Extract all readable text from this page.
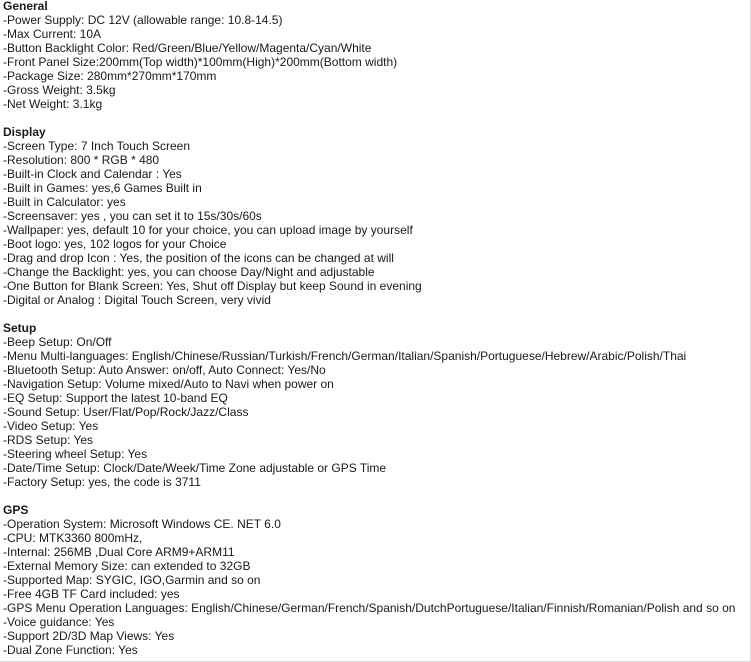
General
-Power Supply: DC 12V (allowable range: 10.8-14.5)
-Max Current: 10A
-Button Backlight Color: Red/Green/Blue/Yellow/Magenta/Cyan/White
-Front Panel Size:200mm(Top width)*100mm(High)*200mm(Bottom width)
-Package Size: 280mm*270mm*170mm
-Gross Weight: 3.5kg
-Net Weight: 3.1kg
Display
-Screen Type: 7 Inch Touch Screen
-Resolution: 800 * RGB * 480
-Built-in Clock and Calendar : Yes
-Built in Games: yes,6 Games Built in
-Built in Calculator: yes
-Screensaver: yes , you can set it to 15s/30s/60s
-Wallpaper: yes, default 10 for your choice, you can upload image by yourself
-Boot logo: yes, 102 logos for your Choice
-Drag and drop Icon : Yes, the position of the icons can be changed at will
-Change the Backlight: yes, you can choose Day/Night and adjustable
-One Button for Blank Screen: Yes, Shut off Display but keep Sound in evening
-Digital or Analog : Digital Touch Screen, very vivid
Setup
-Beep Setup: On/Off
-Menu Multi-languages: English/Chinese/Russian/Turkish/French/German/Italian/Spanish/Portuguese/Hebrew/Arabic/Polish/Thai
-Bluetooth Setup: Auto Answer: on/off, Auto Connect: Yes/No
-Navigation Setup: Volume mixed/Auto to Navi when power on
-EQ Setup: Support the latest 10-band EQ
-Sound Setup: User/Flat/Pop/Rock/Jazz/Class
-Video Setup: Yes
-RDS Setup: Yes
-Steering wheel Setup: Yes
-Date/Time Setup: Clock/Date/Week/Time Zone adjustable or GPS Time
-Factory Setup: yes, the code is 3711
GPS
-Operation System: Microsoft Windows CE. NET 6.0
-CPU: MTK3360 800mHz,
-Internal: 256MB ,Dual Core ARM9+ARM11
-External Memory Size: can extended to 32GB
-Supported Map: SYGIC, IGO,Garmin and so on
-Free 4GB TF Card included: yes
-GPS Menu Operation Languages: English/Chinese/German/French/Spanish/DutchPortuguese/Italian/Finnish/Romanian/Polish and so on
-Voice guidance: Yes
-Support 2D/3D Map Views: Yes
-Dual Zone Function: Yes
